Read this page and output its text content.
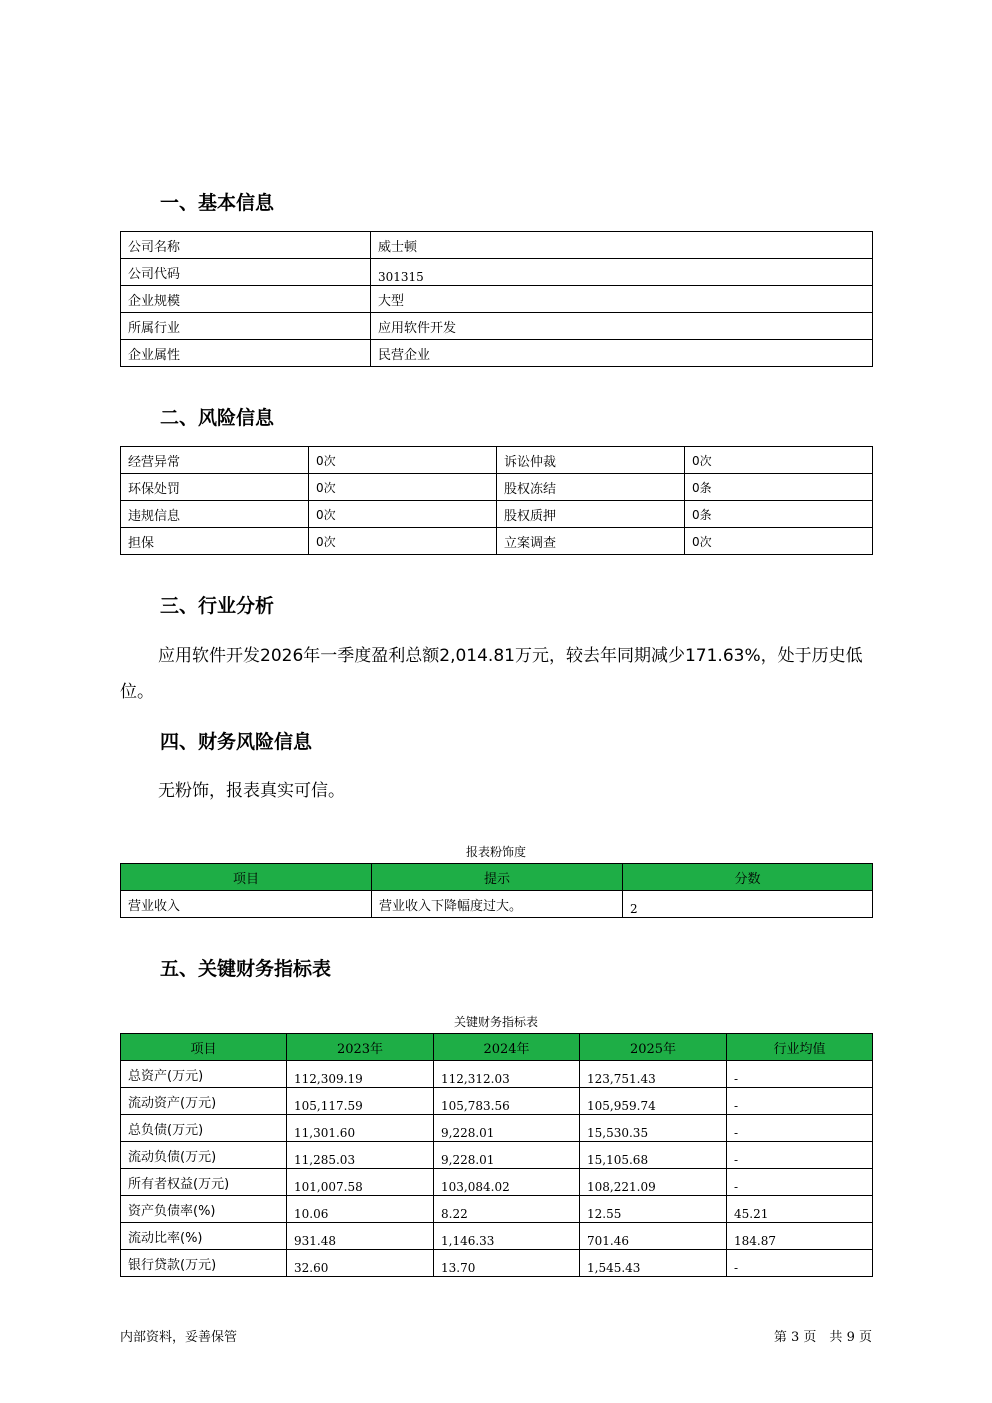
一、基本信息
公司名称	威士顿
公司代码	301315
企业规模	大型
所属行业	应用软件开发
企业属性	民营企业
二、风险信息
经营异常	0次	诉讼仲裁	0次
环保处罚	0次	股权冻结	0条
违规信息	0次	股权质押	0条
担保	0次	立案调查	0次
三、行业分析

应用软件开发2026年一季度盈利总额2,014.81万元，较去年同期减少171.63%，处于历史低位。

四、财务风险信息

无粉饰，报表真实可信。

报表粉饰度
项目	提示	分数
营业收入	营业收入下降幅度过大。	2
五、关键财务指标表
关键财务指标表
项目	2023年	2024年	2025年	行业均值
总资产(万元)	112,309.19	112,312.03	123,751.43	-
流动资产(万元)	105,117.59	105,783.56	105,959.74	-
总负债(万元)	11,301.60	9,228.01	15,530.35	-
流动负债(万元)	11,285.03	9,228.01	15,105.68	-
所有者权益(万元)	101,007.58	103,084.02	108,221.09	-
资产负债率(%)	10.06	8.22	12.55	45.21
流动比率(%)	931.48	1,146.33	701.46	184.87
银行贷款(万元)	32.60	13.70	1,545.43	-
内部资料，妥善保管	第 3 页　共 9 页
